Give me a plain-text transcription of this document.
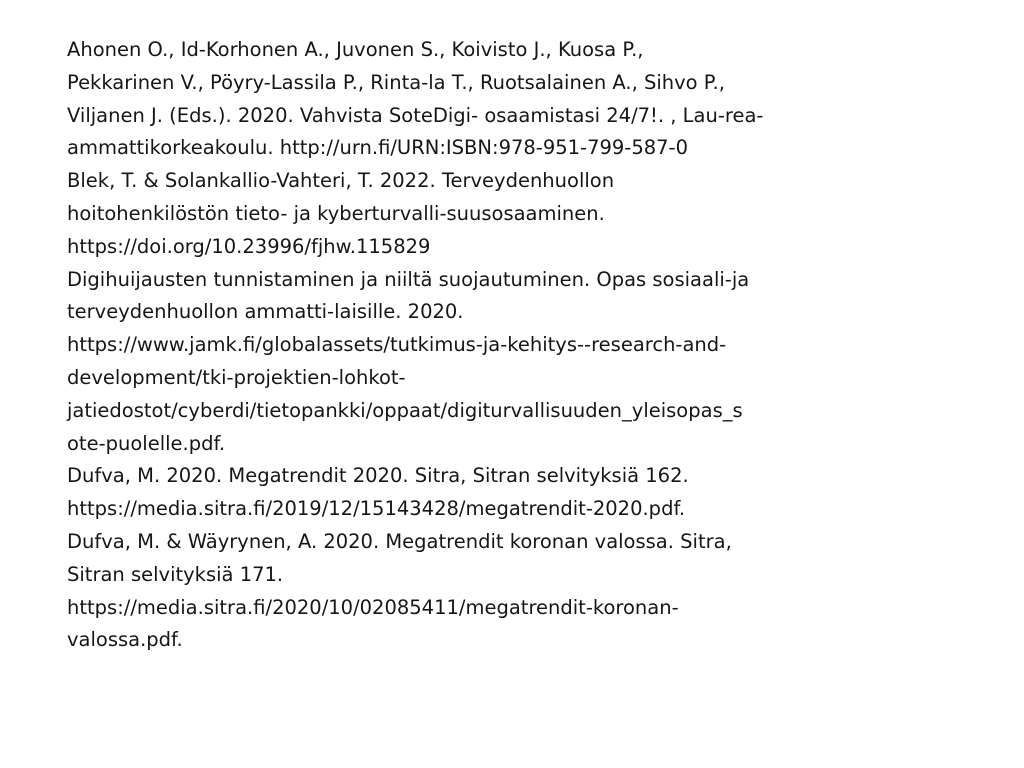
Ahonen O., Id-Korhonen A., Juvonen S., Koivisto J., Kuosa P.,
Pekkarinen V., Pöyry-Lassila P., Rinta-la T., Ruotsalainen A., Sihvo P.,
Viljanen J. (Eds.). 2020. Vahvista SoteDigi- osaamistasi 24/7!. , Lau-rea-
ammattikorkeakoulu. http://urn.fi/URN:ISBN:978-951-799-587-0
Blek, T. & Solankallio-Vahteri, T. 2022. Terveydenhuollon
hoitohenkilöstön tieto- ja kyberturvalli-suusosaaminen.
https://doi.org/10.23996/fjhw.115829
Digihuijausten tunnistaminen ja niiltä suojautuminen. Opas sosiaali-ja
terveydenhuollon ammatti-laisille. 2020.
https://www.jamk.fi/globalassets/tutkimus-ja-kehitys--research-and-
development/tki-projektien-lohkot-
jatiedostot/cyberdi/tietopankki/oppaat/digiturvallisuuden_yleisopas_s
ote-puolelle.pdf.
Dufva, M. 2020. Megatrendit 2020. Sitra, Sitran selvityksiä 162.
https://media.sitra.fi/2019/12/15143428/megatrendit-2020.pdf.
Dufva, M. & Wäyrynen, A. 2020. Megatrendit koronan valossa. Sitra,
Sitran selvityksiä 171.
https://media.sitra.fi/2020/10/02085411/megatrendit-koronan-
valossa.pdf.
